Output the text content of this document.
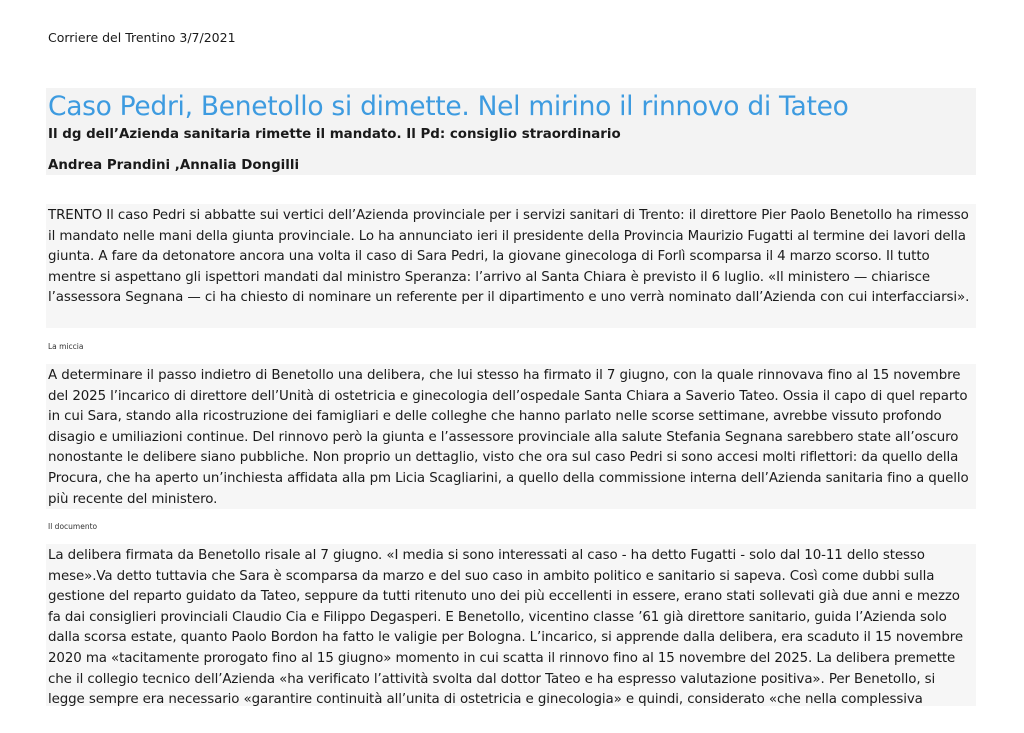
Corriere del Trentino 3/7/2021
Caso Pedri, Benetollo si dimette. Nel mirino il rinnovo di Tateo
Il dg dell’Azienda sanitaria rimette il mandato. Il Pd: consiglio straordinario
Andrea Prandini ,Annalia Dongilli
TRENTO Il caso Pedri si abbatte sui vertici dell’Azienda provinciale per i servizi sanitari di Trento: il direttore Pier Paolo Benetollo ha rimesso il mandato nelle mani della giunta provinciale. Lo ha annunciato ieri il presidente della Provincia Maurizio Fugatti al termine dei lavori della giunta. A fare da detonatore ancora una volta il caso di Sara Pedri, la giovane ginecologa di Forlì scomparsa il 4 marzo scorso. Il tutto mentre si aspettano gli ispettori mandati dal ministro Speranza: l’arrivo al Santa Chiara è previsto il 6 luglio. «Il ministero — chiarisce l’assessora Segnana — ci ha chiesto di nominare un referente per il dipartimento e uno verrà nominato dall’Azienda con cui interfacciarsi».
La miccia
A determinare il passo indietro di Benetollo una delibera, che lui stesso ha firmato il 7 giugno, con la quale rinnovava fino al 15 novembre del 2025 l’incarico di direttore dell’Unità di ostetricia e ginecologia dell’ospedale Santa Chiara a Saverio Tateo. Ossia il capo di quel reparto in cui Sara, stando alla ricostruzione dei famigliari e delle colleghe che hanno parlato nelle scorse settimane, avrebbe vissuto profondo disagio e umiliazioni continue. Del rinnovo però la giunta e l’assessore provinciale alla salute Stefania Segnana sarebbero state all’oscuro nonostante le delibere siano pubbliche. Non proprio un dettaglio, visto che ora sul caso Pedri si sono accesi molti riflettori: da quello della Procura, che ha aperto un’inchiesta affidata alla pm Licia Scagliarini, a quello della commissione interna dell’Azienda sanitaria fino a quello più recente del ministero.
Il documento
La delibera firmata da Benetollo risale al 7 giugno. «I media si sono interessati al caso - ha detto Fugatti - solo dal 10-11 dello stesso mese».Va detto tuttavia che Sara è scomparsa da marzo e del suo caso in ambito politico e sanitario si sapeva. Così come dubbi sulla gestione del reparto guidato da Tateo, seppure da tutti ritenuto uno dei più eccellenti in essere, erano stati sollevati già due anni e mezzo fa dai consiglieri provinciali Claudio Cia e Filippo Degasperi. E Benetollo, vicentino classe ’61 già direttore sanitario, guida l’Azienda solo dalla scorsa estate, quanto Paolo Bordon ha fatto le valigie per Bologna. L’incarico, si apprende dalla delibera, era scaduto il 15 novembre 2020 ma «tacitamente prorogato fino al 15 giugno» momento in cui scatta il rinnovo fino al 15 novembre del 2025. La delibera premette che il collegio tecnico dell’Azienda «ha verificato l’attività svolta dal dottor Tateo e ha espresso valutazione positiva». Per Benetollo, si legge sempre era necessario «garantire continuità all’unita di ostetricia e ginecologia» e quindi, considerato «che nella complessiva
